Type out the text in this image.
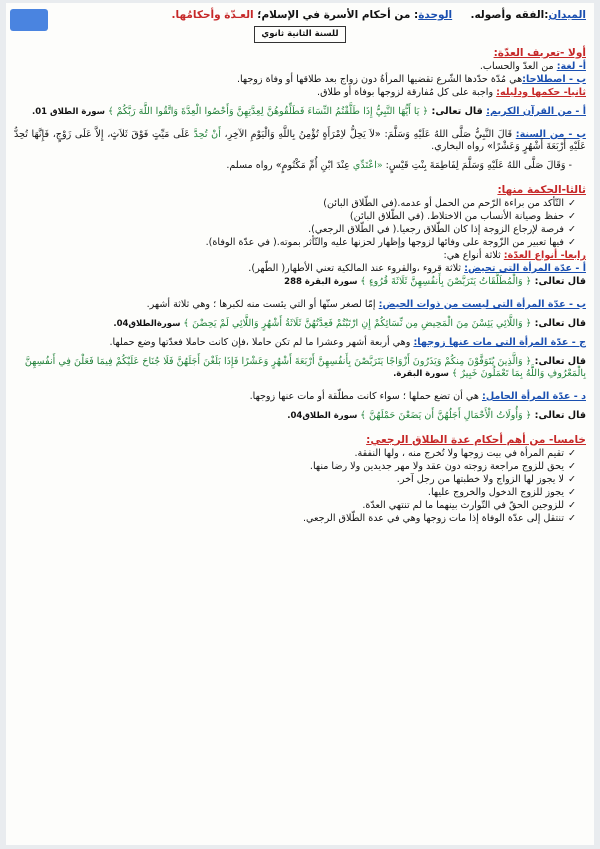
الميدان:الفقه وأصوله.     الوحدة: من أحكام الأسرة في الإسلام؛ العـدّة وأحكامُها.
للسنة الثانية ثانوي
أولا -تعريف العدّة:
أ- لغة: من العدّ والحساب.
ب - اصطلاحا:هي مُدّة حدّدها الشّرع تقضيها المرأةُ دون زواج بعد طلاقها أو وفاة زوجها.
ثانيا- حكمها ودليله: واجبة على كل مُفارقة لزوجها بوفاة أو طلاق.
أ - من القرآن الكريم: قال تعالى: ﴿ يَا أَيُّهَا النَّبِيُّ إِذَا طَلَّقْتُمُ النِّسَاءَ فَطَلِّقُوهُنَّ لِعِدَّتِهِنَّ وَأَحْصُوا الْعِدَّةَ وَاتَّقُوا اللَّهَ رَبَّكُمْ ﴾ سورة الطلاق 01.
ب - من السنة: قَالَ النَّبِيُّ صَلَّى اللهُ عَلَيْهِ وَسَلَّمَ: «لاَ يَحِلُّ لاِمْرَأَةٍ تُؤْمِنُ بِاللَّهِ وَالْيَوْمِ الآخِرِ، أَنْ تُحِدَّ عَلَى مَيِّتٍ فَوْقَ ثَلاَثٍ، إِلاَّ عَلَى زَوْجٍ، فَإِنَّهَا تُحِدُّ عَلَيْهِ أَرْبَعَةَ أَشْهُرٍ وَعَشْرًا» رواه البخاري.
- وَقَالَ صَلَّى اللهُ عَلَيْهِ وَسَلَّمَ لِفَاطِمَةَ بِنْتِ قَيْسٍ: «اعْتَدِّي عِنْدَ ابْنِ أُمِّ مَكْتُومٍ» رواه مسلم.
ثالثا-الحكمة منها:
✓التّأكد من براءة الرّحم من الحمل أو عدمه.(في الطّلاق البائن)
✓حفظ وصيانة الأنساب من الاختلاط. (في الطّلاق البائن)
✓فرصة لإرجاع الزوجة إذا كان الطّلاق رجعيا.( في الطّلاق الرجعي).
✓فيها تعبير من الزّوجة على وفائها لزوجها وإظهار لحزنها عليه والتّأثر بموته.( في عدّة الوفاة).
رابعا- أنواع العدّة: ثلاثة أنواع هي:
أ - عدّة المرأة التي تحيض: ثلاثة قروء ،والقروء عند المالكية تعني الأطهار( الطّهر).
قال تعالى: ﴿ وَالْمُطَلَّقَاتُ يَتَرَبَّصْنَ بِأَنفُسِهِنَّ ثَلَاثَةَ قُرُوءٍ ﴾ سورة البقرة 288
ب - عدّة المرأة التي ليست من ذوات الحيض: إمّا لصغر سنّها أو التي يئست منه لكبرها ؛ وهي ثلاثة أشهر.
قال تعالى: ﴿ وَاللَّائِي يَئِسْنَ مِنَ الْمَحِيضِ مِن نِّسَائِكُمْ إِنِ ارْتَبْتُمْ فَعِدَّتُهُنَّ ثَلَاثَةُ أَشْهُرٍ وَاللَّائِي لَمْ يَحِضْنَ ﴾ سورةالطلاق04.
ج - عدّة المرأة التي مات عنها زوجها: وهي أربعة أشهر وعشرا ما لم تكن حاملا ،فإن كانت حاملا فعدّتها وضع حملها.
قال تعالى: ﴿ وَالَّذِينَ يُتَوَفَّوْنَ مِنكُمْ وَيَذَرُونَ أَزْوَاجًا يَتَرَبَّصْنَ بِأَنفُسِهِنَّ أَرْبَعَةَ أَشْهُرٍ وَعَشْرًا فَإِذَا بَلَغْنَ أَجَلَهُنَّ فَلَا جُنَاحَ عَلَيْكُمْ فِيمَا فَعَلْنَ فِي أَنفُسِهِنَّ بِالْمَعْرُوفِ وَاللَّهُ بِمَا تَعْمَلُونَ خَبِيرٌ ﴾ سورة البقرة.
د - عدّة المرأة الحامل: هي أن تضع حملها ؛ سواء كانت مطلّقة أو مات عنها زوجها.
قال تعالى: ﴿ وَأُولَاتُ الْأَحْمَالِ أَجَلُهُنَّ أَن يَضَعْنَ حَمْلَهُنَّ ﴾ سورة الطلاق04.
خامسا- من أهم أحكام عدة الطلاق الرجعي:
✓تقيم المرأة في بيت زوجها ولا تُخرج منه ، ولها النفقة.
✓يحق للزوج مراجعة زوجته دون عقد ولا مهر جديدين ولا رضا منها.
✓لا يجوز لها الزواج ولا خطبتها من رجل آخر.
✓يجوز للزوج الدخول والخروج عليها.
✓للزوجين الحقّ في التّوارث بينهما ما لم تنتهي العدّة.
✓تنتقل إلى عدّة الوفاة إذا مات زوجها وهي في عدة الطّلاق الرجعي.
